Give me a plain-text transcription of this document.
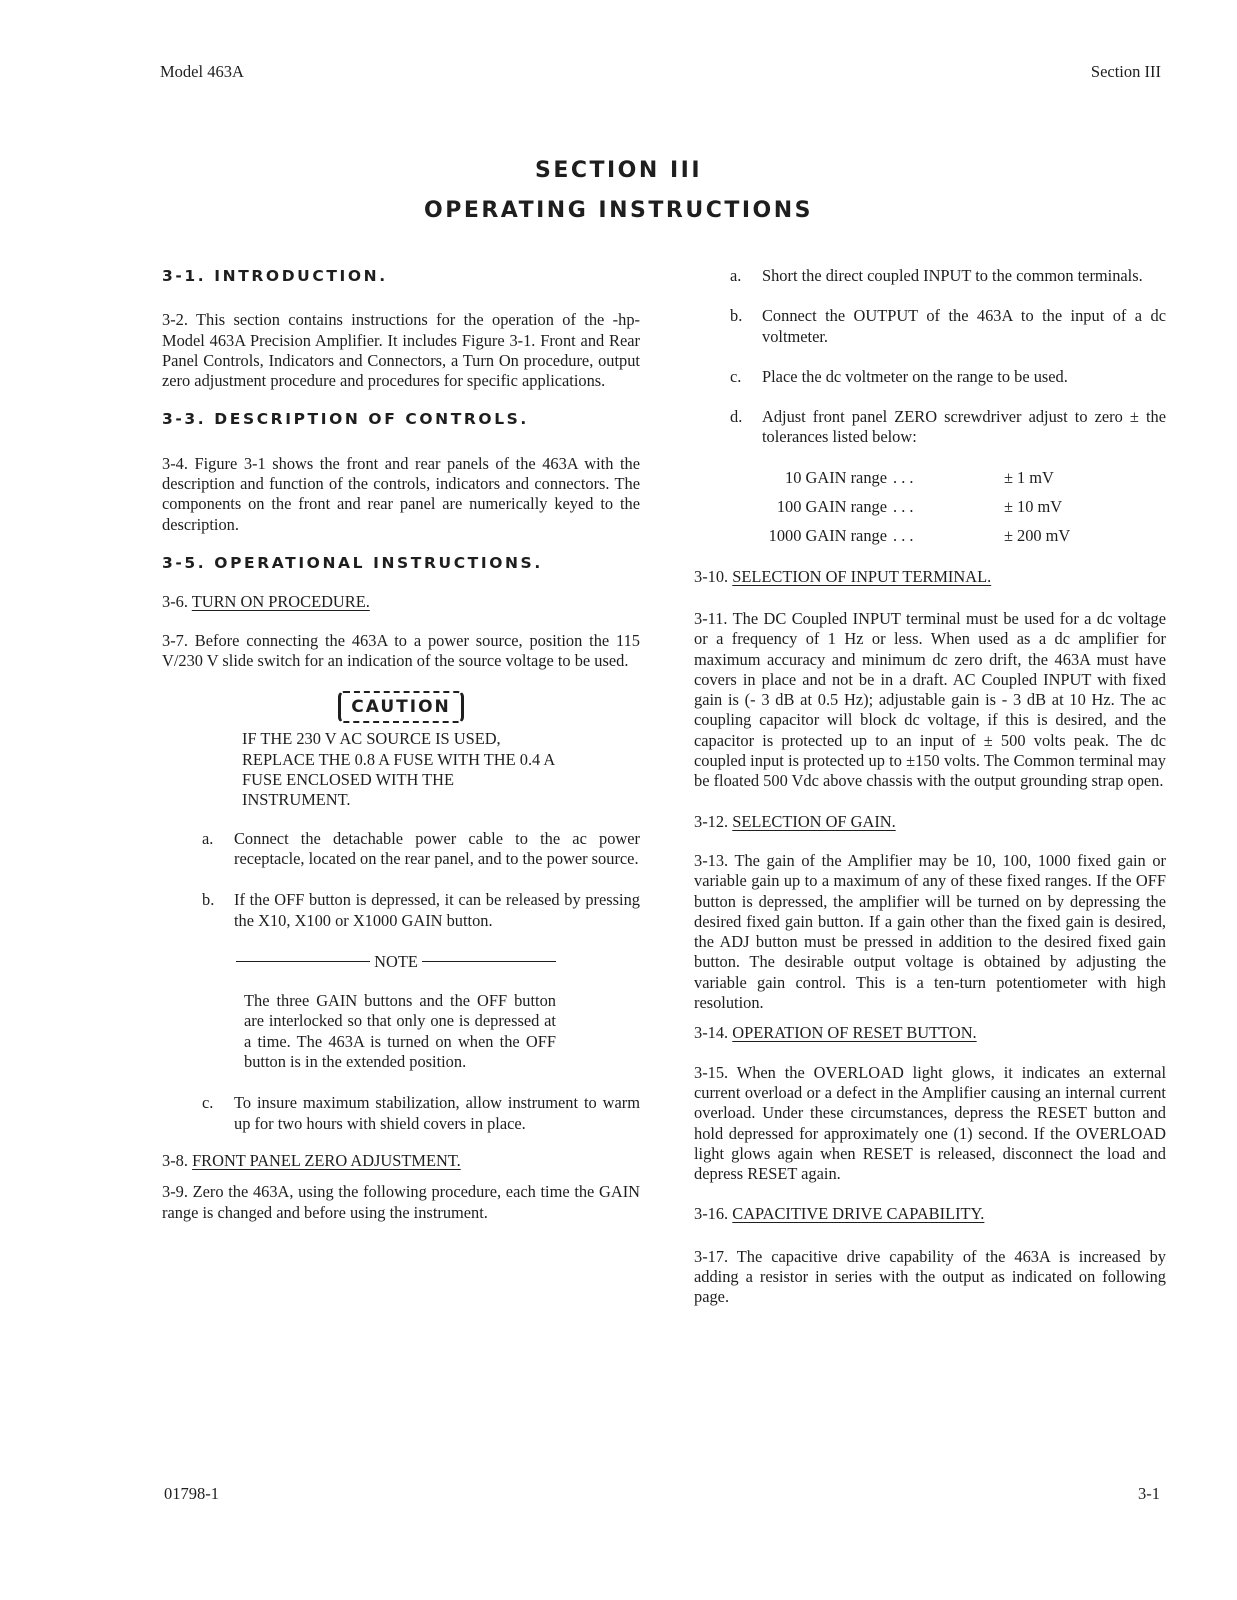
Model 463A	Section III
SECTION III
OPERATING INSTRUCTIONS

3-1. INTRODUCTION.

3-2. This section contains instructions for the operation of the -hp- Model 463A Precision Amplifier. It includes Figure 3-1. Front and Rear Panel Controls, Indicators and Connectors, a Turn On procedure, output zero adjustment procedure and procedures for specific applications.

3-3. DESCRIPTION OF CONTROLS.

3-4. Figure 3-1 shows the front and rear panels of the 463A with the description and function of the controls, indicators and connectors. The components on the front and rear panel are numerically keyed to the description.

3-5. OPERATIONAL INSTRUCTIONS.

3-6. TURN ON PROCEDURE.

3-7. Before connecting the 463A to a power source, position the 115 V/230 V slide switch for an indication of the source voltage to be used.

CAUTION

IF THE 230 V AC SOURCE IS USED, REPLACE THE 0.8 A FUSE WITH THE 0.4 A FUSE ENCLOSED WITH THE INSTRUMENT.

a.	Connect the detachable power cable to the ac power receptacle, located on the rear panel, and to the power source.
b.	If the OFF button is depressed, it can be released by pressing the X10, X100 or X1000 GAIN button.
NOTE

The three GAIN buttons and the OFF button are interlocked so that only one is depressed at a time. The 463A is turned on when the OFF button is in the extended position.

c.	To insure maximum stabilization, allow instrument to warm up for two hours with shield covers in place.

3-8. FRONT PANEL ZERO ADJUSTMENT.

3-9. Zero the 463A, using the following procedure, each time the GAIN range is changed and before using the instrument.

a.	Short the direct coupled INPUT to the common terminals.
b.	Connect the OUTPUT of the 463A to the input of a dc voltmeter.
c.	Place the dc voltmeter on the range to be used.
d.	Adjust front panel ZERO screwdriver adjust to zero ± the tolerances listed below:
10 GAIN range . . .	± 1 mV
100 GAIN range . . .	± 10 mV
1000 GAIN range . . .	± 200 mV

3-10. SELECTION OF INPUT TERMINAL.

3-11. The DC Coupled INPUT terminal must be used for a dc voltage or a frequency of 1 Hz or less. When used as a dc amplifier for maximum accuracy and minimum dc zero drift, the 463A must have covers in place and not be in a draft. AC Coupled INPUT with fixed gain is (- 3 dB at 0.5 Hz); adjustable gain is - 3 dB at 10 Hz. The ac coupling capacitor will block dc voltage, if this is desired, and the capacitor is protected up to an input of ± 500 volts peak. The dc coupled input is protected up to ±150 volts. The Common terminal may be floated 500 Vdc above chassis with the output grounding strap open.

3-12. SELECTION OF GAIN.

3-13. The gain of the Amplifier may be 10, 100, 1000 fixed gain or variable gain up to a maximum of any of these fixed ranges. If the OFF button is depressed, the amplifier will be turned on by depressing the desired fixed gain button. If a gain other than the fixed gain is desired, the ADJ button must be pressed in addition to the desired fixed gain button. The desirable output voltage is obtained by adjusting the variable gain control. This is a ten-turn potentiometer with high resolution.

3-14. OPERATION OF RESET BUTTON.

3-15. When the OVERLOAD light glows, it indicates an external current overload or a defect in the Amplifier causing an internal current overload. Under these circumstances, depress the RESET button and hold depressed for approximately one (1) second. If the OVERLOAD light glows again when RESET is released, disconnect the load and depress RESET again.

3-16. CAPACITIVE DRIVE CAPABILITY.

3-17. The capacitive drive capability of the 463A is increased by adding a resistor in series with the output as indicated on following page.

01798-1	3-1
